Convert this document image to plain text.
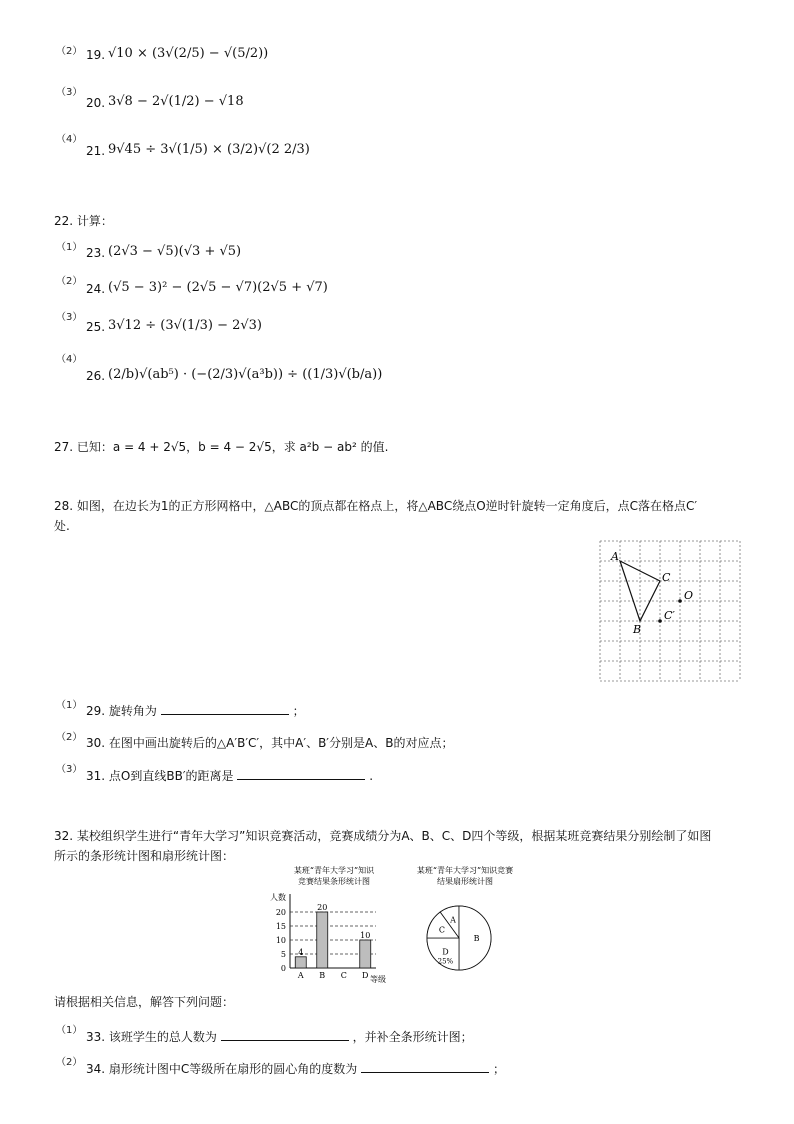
（2） 19. √10 × (3√(2/5) − √(5/2))
（3）
20. 3√8 − 2√(1/2) − √18
（4）
21. 9√45 ÷ 3√(1/5) × (3/2)√(2 2/3)
22. 计算：
（1） 23. (2√3 − √5)(√3 + √5)
（2）
24. (√5 − 3)² − (2√5 − √7)(2√5 + √7)
（3）
25. 3√12 ÷ (3√(1/3) − 2√3)
（4）
26. (2/b)√(ab⁵) · (−(2/3)√(a³b)) ÷ ((1/3)√(b/a))
27. 已知：a = 4 + 2√5，b = 4 − 2√5，求 a²b − ab² 的值.
28. 如图，在边长为1的正方形网格中，△ABC的顶点都在格点上，将△ABC绕点O逆时针旋转一定角度后，点C落在格点C′
处.
A
C
O
C′
B
（1） 29. 旋转角为	；
（2） 30. 在图中画出旋转后的△A′B′C′，其中A′、B′分别是A、B的对应点；
（3） 31. 点O到直线BB′的距离是	.
32. 某校组织学生进行“青年大学习”知识竞赛活动，竞赛成绩分为A、B、C、D四个等级，根据某班竞赛结果分别绘制了如图
所示的条形统计图和扇形统计图：
某班“青年大学习”知识
竞赛结果条形统计图
人数
0
5
10
15
20
4
A
20
B C
10
D 等级
某班“青年大学习”知识竞赛
结果扇形统计图
A
B
D
25%
C
请根据相关信息，解答下列问题：
（1） 33. 该班学生的总人数为	，并补全条形统计图；
（2） 34. 扇形统计图中C等级所在扇形的圆心角的度数为	；
